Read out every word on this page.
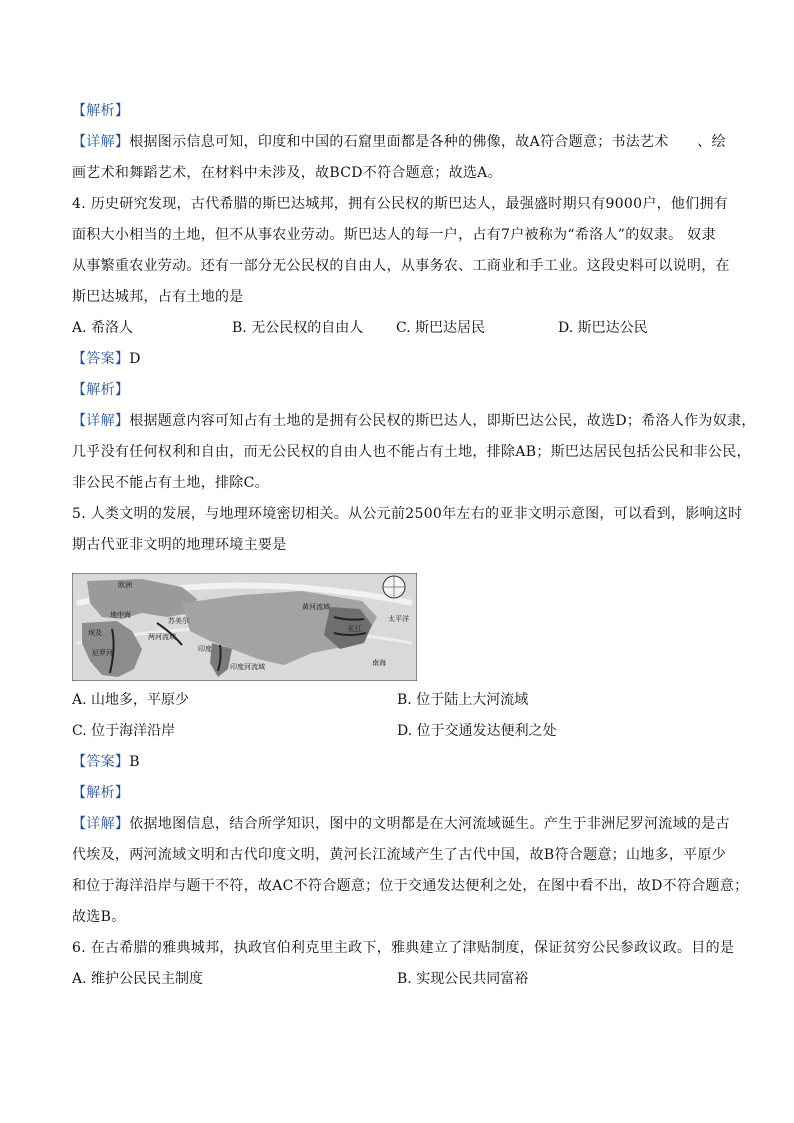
【解析】
【详解】根据图示信息可知，印度和中国的石窟里面都是各种的佛像，故A符合题意；书法艺术　　、绘
画艺术和舞蹈艺术，在材料中未涉及，故BCD不符合题意；故选A。
4. 历史研究发现，古代希腊的斯巴达城邦，拥有公民权的斯巴达人，最强盛时期只有9000户，他们拥有
面积大小相当的土地，但不从事农业劳动。斯巴达人的每一户，占有7户被称为“希洛人”的奴隶。 奴隶
从事繁重农业劳动。还有一部分无公民权的自由人，从事务农、工商业和手工业。这段史料可以说明，在
斯巴达城邦，占有土地的是
A. 希洛人	B. 无公民权的自由人	C. 斯巴达居民	D. 斯巴达公民
【答案】D
【解析】
【详解】根据题意内容可知占有土地的是拥有公民权的斯巴达人，即斯巴达公民，故选D；希洛人作为奴隶，
几乎没有任何权利和自由，而无公民权的自由人也不能占有土地，排除AB；斯巴达居民包括公民和非公民，
非公民不能占有土地，排除C。
5. 人类文明的发展，与地理环境密切相关。从公元前2500年左右的亚非文明示意图，可以看到，影响这时
期古代亚非文明的地理环境主要是
欧洲
地中海
埃及
尼罗河
苏美尔
两河流域
印度
印度河流域
黄河流域
长江
太平洋
南海
A. 山地多，平原少	B. 位于陆上大河流域
C. 位于海洋沿岸	D. 位于交通发达便利之处
【答案】B
【解析】
【详解】依据地图信息，结合所学知识，图中的文明都是在大河流域诞生。产生于非洲尼罗河流域的是古
代埃及，两河流域文明和古代印度文明，黄河长江流域产生了古代中国，故B符合题意；山地多，平原少
和位于海洋沿岸与题干不符，故AC不符合题意；位于交通发达便利之处，在图中看不出，故D不符合题意；
故选B。
6. 在古希腊的雅典城邦，执政官伯利克里主政下，雅典建立了津贴制度，保证贫穷公民参政议政。目的是
A. 维护公民民主制度	B. 实现公民共同富裕
